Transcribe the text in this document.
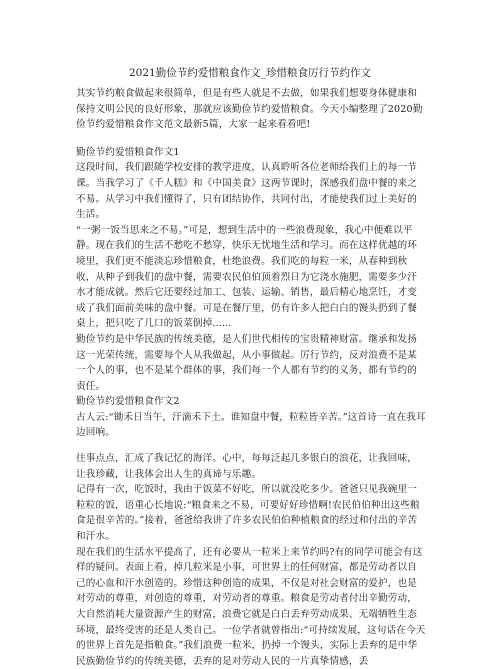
2021勤俭节约爱惜粮食作文_珍惜粮食厉行节约作文

其实节约粮食做起来很简单，但是有些人就是不去做，如果我们想要身体健康和保持文明公民的良好形象，那就应该勤俭节约爱惜粮食。今天小编整理了2020勤俭节约爱惜粮食作文范文最新5篇，大家一起来看看吧!

勤俭节约爱惜粮食作文1

这段时间，我们跟随学校安排的教学进度，认真聆听各位老师给我们上的每一节课。当我学习了《千人糕》和《中国美食》这两节课时，深感我们盘中餐的来之不易。从学习中我们懂得了，只有团结协作，共同付出，才能使我们过上美好的生活。

“一粥一饭当思来之不易。”可是，想到生活中的一些浪费现象，我心中便难以平静。现在我们的生活不愁吃不愁穿，快乐无忧地生活和学习。而在这样优越的环境里，我们更不能淡忘珍惜粮食，杜绝浪费。我们吃的每粒一米，从春种到秋收，从种子到我们的盘中餐，需要农民伯伯顶着烈日为它浇水施肥，需要多少汗水才能成就。然后它还要经过加工、包装、运输、销售，最后精心地烹饪，才变成了我们面前美味的盘中餐。可是在餐厅里，仍有许多人把白白的馒头扔到了餐桌上，把只吃了几口的饭菜倒掉......

勤俭节约是中华民族的传统美德，是人们世代相传的宝贵精神财富。继承和发扬这一光荣传统，需要每个人从我做起，从小事做起。厉行节约，反对浪费不是某一个人的事，也不是某个群体的事，我们每一个人都有节约的义务，都有节约的责任。

勤俭节约爱惜粮食作文2

古人云:“锄禾日当午，汗滴禾下土。谁知盘中餐，粒粒皆辛苦。”这首诗一直在我耳边回响。

往事点点，汇成了我记忆的海洋。心中，每每泛起几多银白的浪花，让我回味，让我珍藏，让我体会出人生的真谛与乐趣。

记得有一次，吃饭时，我由于饭菜不好吃，所以就没吃多少。爸爸只见我碗里一粒粒的饭，语重心长地说:“粮食来之不易，可要好好珍惜啊!农民伯伯种出这些粮食是很辛苦的。”接着，爸爸给我讲了许多农民伯伯种植粮食的经过和付出的辛苦和汗水。

现在我们的生活水平提高了，还有必要从一粒米上来节约吗?有的同学可能会有这样的疑问。表面上看，掉几粒米是小事，可世界上的任何财富，都是劳动者以自己的心血和汗水创造的。珍惜这种创造的成果，不仅是对社会财富的爱护，也是对劳动的尊重，对创造的尊重，对劳动者的尊重。粮食是劳动者付出辛勤劳动，大自然消耗大量资源产生的财富，浪费它就是白白丢弃劳动成果、无端牺牲生态环境，最终受害的还是人类自己。一位学者就曾指出:“可持续发展，这句话在今天的世界上首先是指粮食。”我们浪费一粒米，扔掉一个馒头，实际上丢弃的是中华民族勤俭节约的传统美德，丢弃的是对劳动人民的一片真挚情感，丢
